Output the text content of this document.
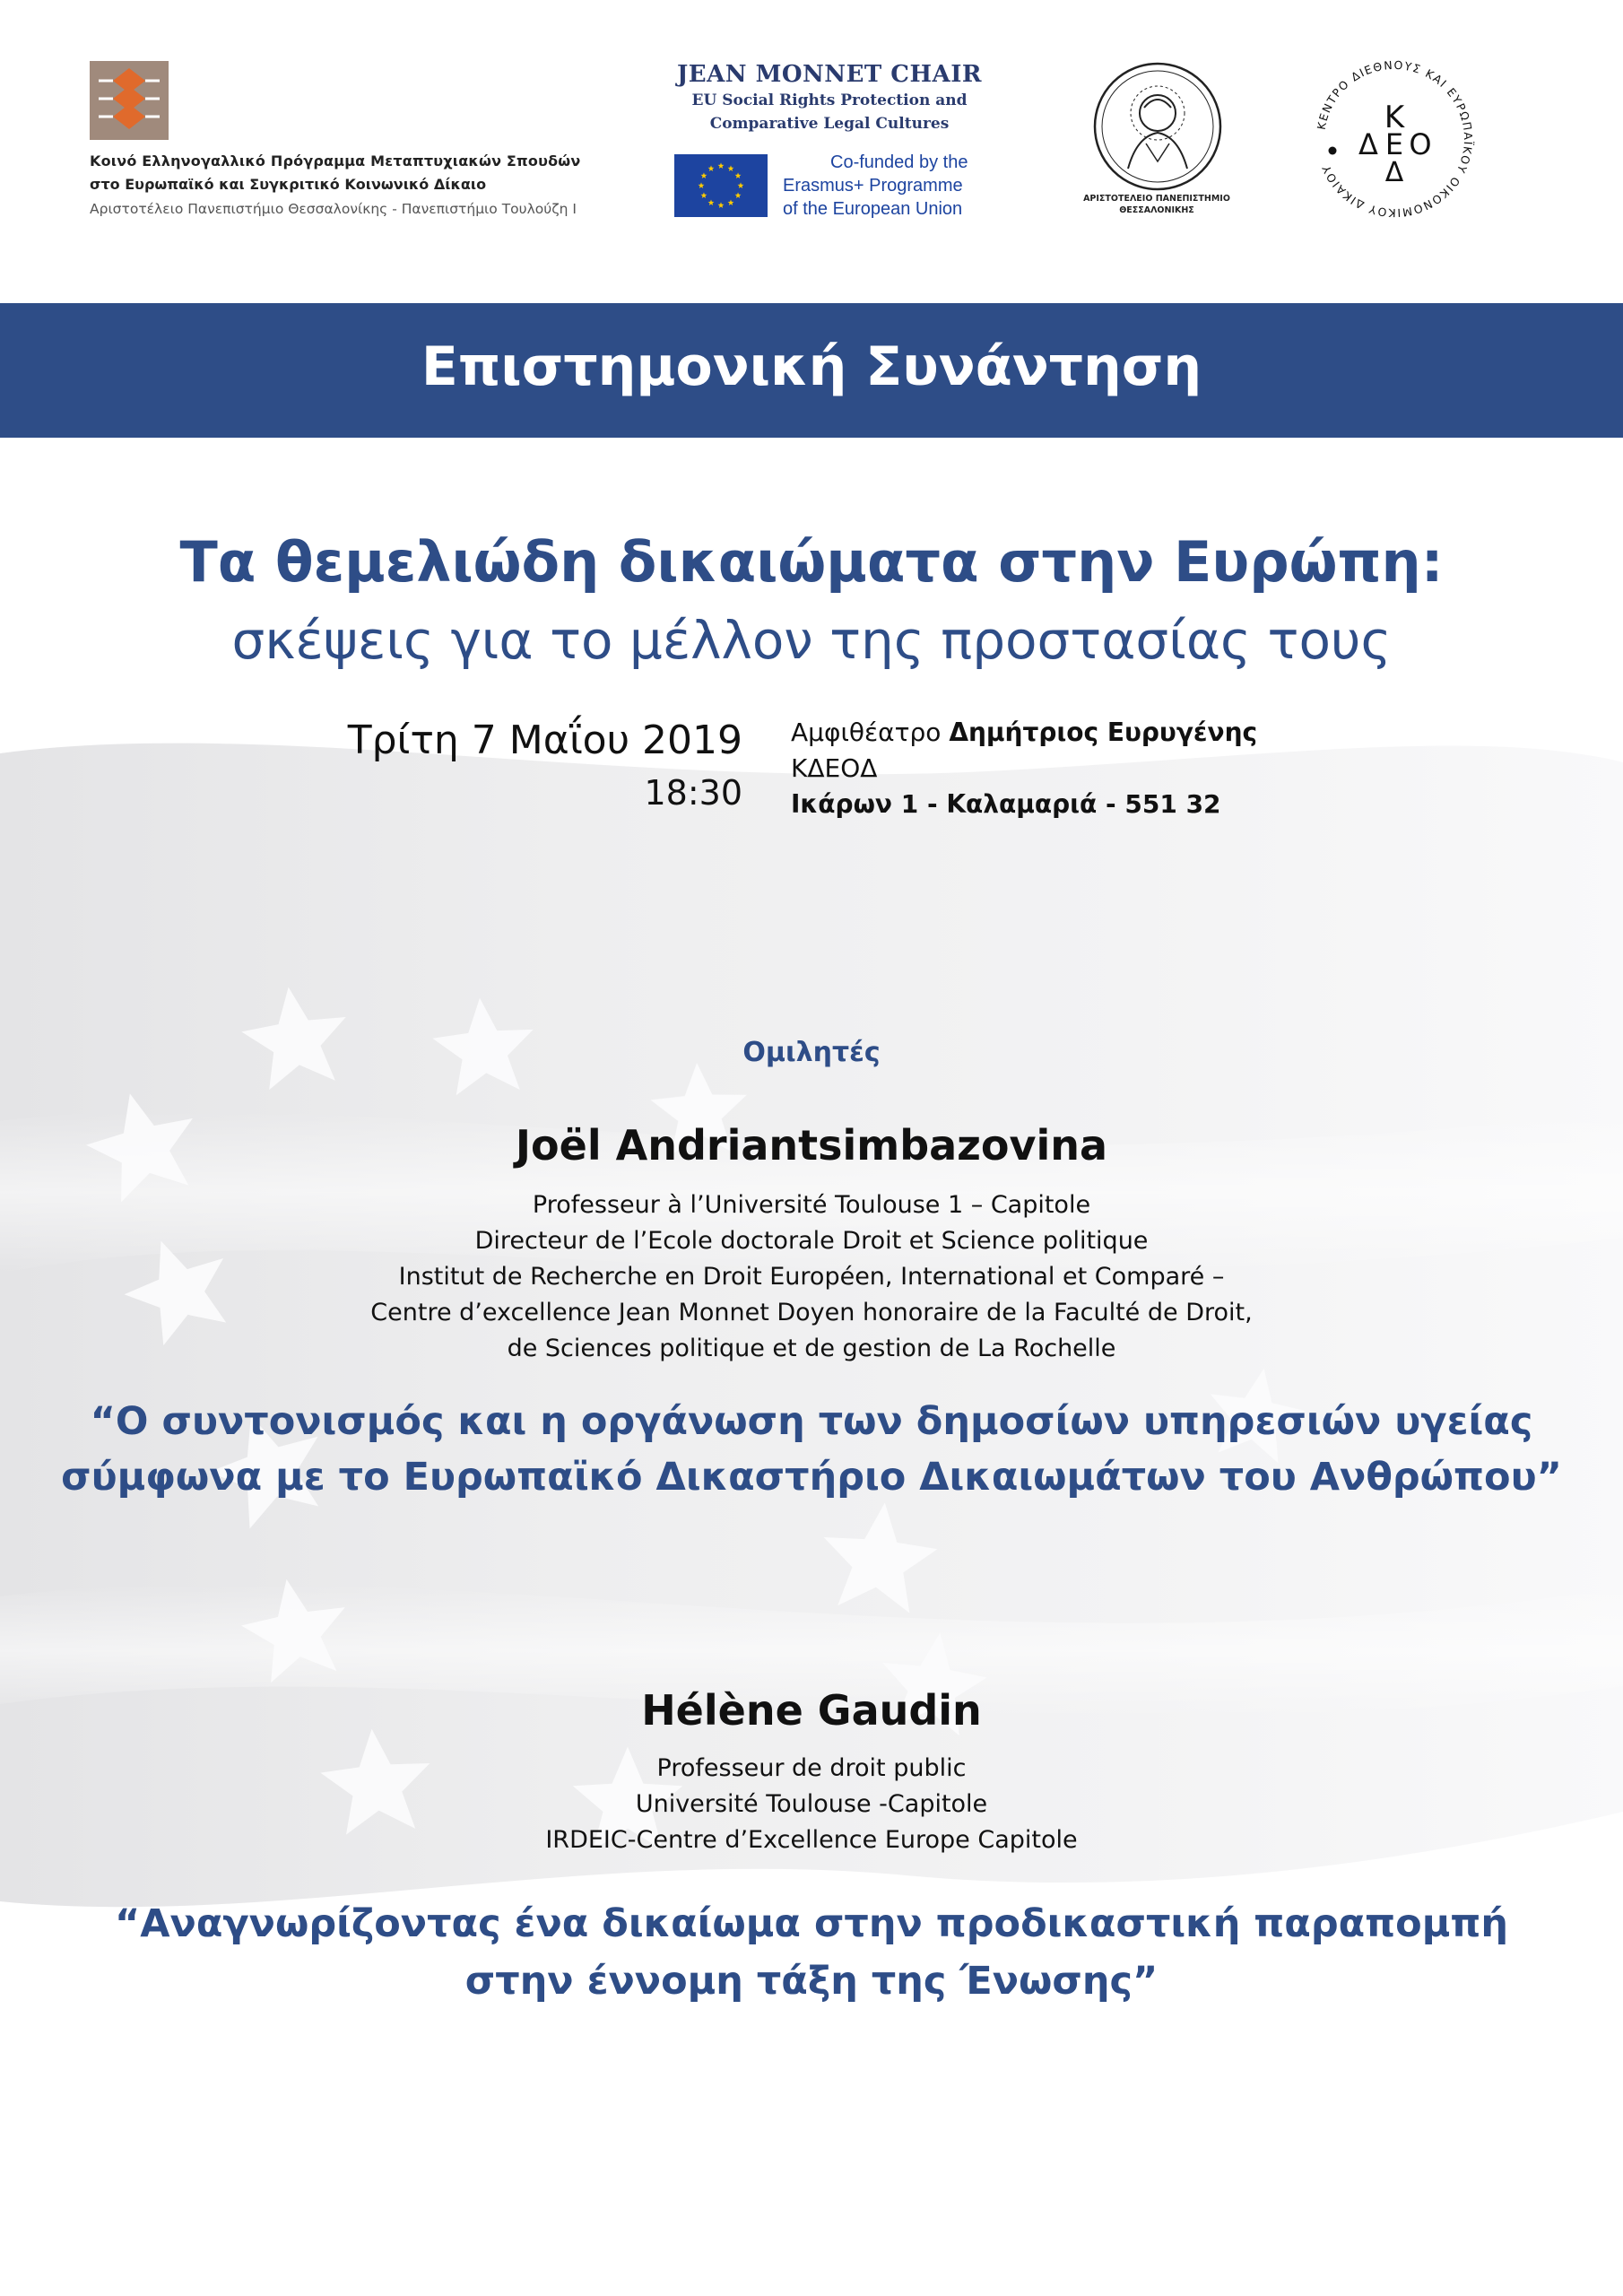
Κοινό Ελληνογαλλικό Πρόγραμμα Μεταπτυχιακών Σπουδών
στο Ευρωπαϊκό και Συγκριτικό Κοινωνικό Δίκαιο
Αριστοτέλειο Πανεπιστήμιο Θεσσαλονίκης - Πανεπιστήμιο Τουλούζη Ι
JEAN MONNET CHAIR
EU Social Rights Protection and
Comparative Legal Cultures
Co-funded by the
Erasmus+ Programme
of the European Union
ΑΡΙΣΤΟΤΕΛΕΙΟ ΠΑΝΕΠΙΣΤΗΜΙΟ
ΘΕΣΣΑΛΟΝΙΚΗΣ
ΚΕΝΤΡΟ ΔΙΕΘΝΟΥΣ ΚΑΙ ΕΥΡΩΠΑΪΚΟΥ ΟΙΚΟΝΟΜΙΚΟΥ ΔΙΚΑΙΟΥ
Κ
Δ Ε Ο
Δ
Επιστημονική Συνάντηση
Τα θεμελιώδη δικαιώματα στην Ευρώπη:
σκέψεις για το μέλλον της προστασίας τους
Τρίτη 7 Μαΐου 2019
18:30
Αμφιθέατρο Δημήτριος Ευρυγένης
ΚΔΕΟΔ
Ικάρων 1 - Καλαμαριά - 551 32
Ομιλητές
Joël Andriantsimbazovina
Professeur à l’Université Toulouse 1 – Capitole
Directeur de l’Ecole doctorale Droit et Science politique
Institut de Recherche en Droit Européen, International et Comparé –
Centre d’excellence Jean Monnet Doyen honoraire de la Faculté de Droit,
de Sciences politique et de gestion de La Rochelle
“Ο συντονισμός και η οργάνωση των δημοσίων υπηρεσιών υγείας
σύμφωνα με το Ευρωπαϊκό Δικαστήριο Δικαιωμάτων του Ανθρώπου”
Hélène Gaudin
Professeur de droit public
Université Toulouse -Capitole
IRDEIC-Centre d’Excellence Europe Capitole
“Αναγνωρίζοντας ένα δικαίωμα στην προδικαστική παραπομπή
στην έννομη τάξη της Ένωσης”
